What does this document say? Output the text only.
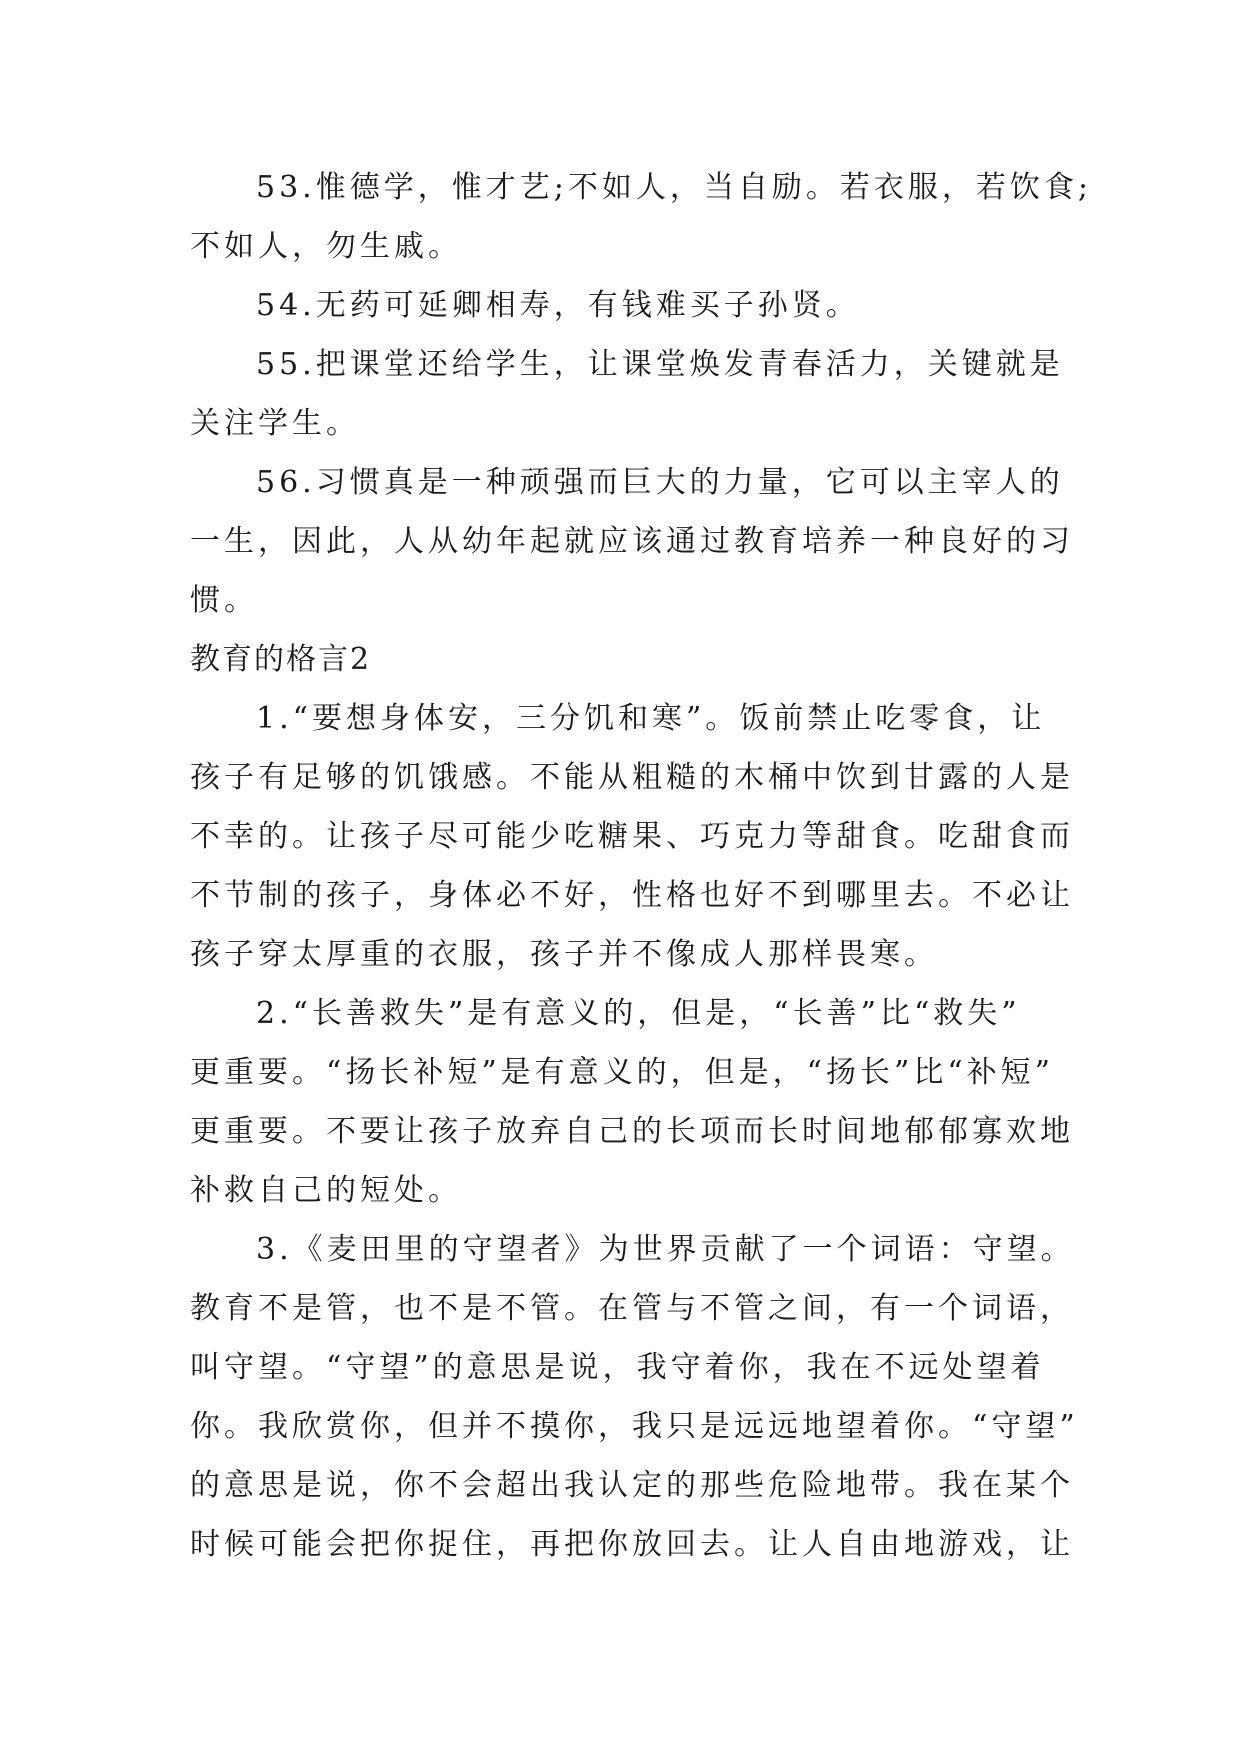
53.惟德学，惟才艺;不如人，当自励。若衣服，若饮食;
不如人，勿生戚。
54.无药可延卿相寿，有钱难买子孙贤。
55.把课堂还给学生，让课堂焕发青春活力，关键就是
关注学生。
56.习惯真是一种顽强而巨大的力量，它可以主宰人的
一生，因此，人从幼年起就应该通过教育培养一种良好的习
惯。
教育的格言2
1.“要想身体安，三分饥和寒”。饭前禁止吃零食，让
孩子有足够的饥饿感。不能从粗糙的木桶中饮到甘露的人是
不幸的。让孩子尽可能少吃糖果、巧克力等甜食。吃甜食而
不节制的孩子，身体必不好，性格也好不到哪里去。不必让
孩子穿太厚重的衣服，孩子并不像成人那样畏寒。
2.“长善救失”是有意义的，但是，“长善”比“救失”
更重要。“扬长补短”是有意义的，但是，“扬长”比“补短”
更重要。不要让孩子放弃自己的长项而长时间地郁郁寡欢地
补救自己的短处。
3.《麦田里的守望者》为世界贡献了一个词语：守望。
教育不是管，也不是不管。在管与不管之间，有一个词语，
叫守望。“守望”的意思是说，我守着你，我在不远处望着
你。我欣赏你，但并不摸你，我只是远远地望着你。“守望”
的意思是说，你不会超出我认定的那些危险地带。我在某个
时候可能会把你捉住，再把你放回去。让人自由地游戏，让
